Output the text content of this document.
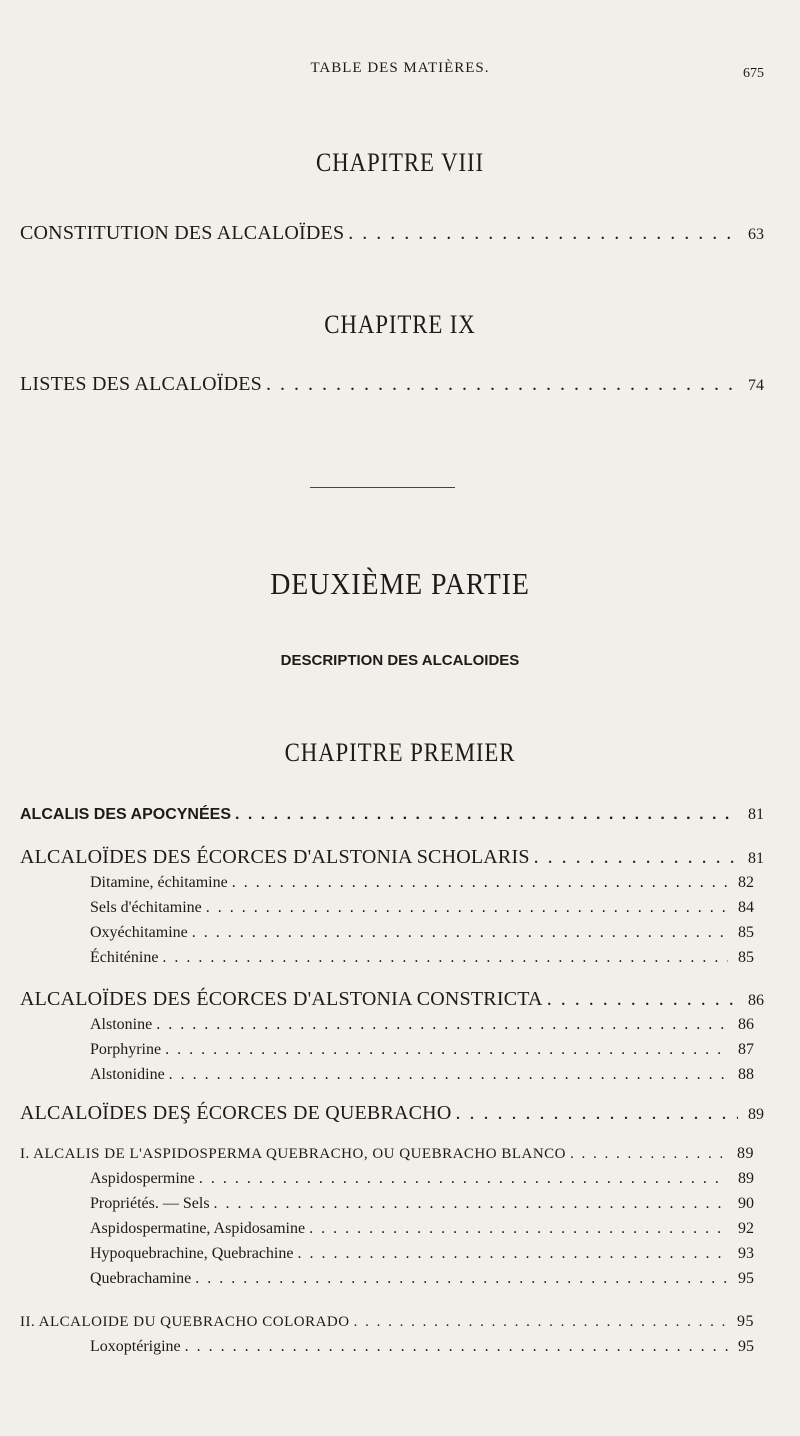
TABLE DES MATIÈRES.	675
CHAPITRE VIII
CONSTITUTION DES ALCALOÏDES . . .	63
CHAPITRE IX
LISTES DES ALCALOÏDES . . .	74
DEUXIÈME PARTIE
DESCRIPTION DES ALCALOIDES
CHAPITRE PREMIER
ALCALIS DES APOCYNÉES . . .	81
ALCALOÏDES DES ÉCORCES D'ALSTONIA SCHOLARIS . . .	81
Ditamine, échitamine . . .	82
Sels d'échitamine . . .	84
Oxyéchitamine . . .	85
Échiténine . . .	85
ALCALOÏDES DES ÉCORCES D'ALSTONIA CONSTRICTA . . .	86
Alstonine . . .	86
Porphyrine . . .	87
Alstonidine . . .	88
ALCALOÏDES DEŞ ÉCORCES DE QUEBRACHO . . .	89
I. ALCALIS DE L'ASPIDOSPERMA QUEBRACHO, OU QUEBRACHO BLANCO . . .	89
Aspidospermine . . .	89
Propriétés. — Sels . . .	90
Aspidospermatine, Aspidosamine . . .	92
Hypoquebrachine, Quebrachine . . .	93
Quebrachamine . . .	95
II. ALCALOIDE DU QUEBRACHO COLORADO . . .	95
Loxoptérigine . . .	95
